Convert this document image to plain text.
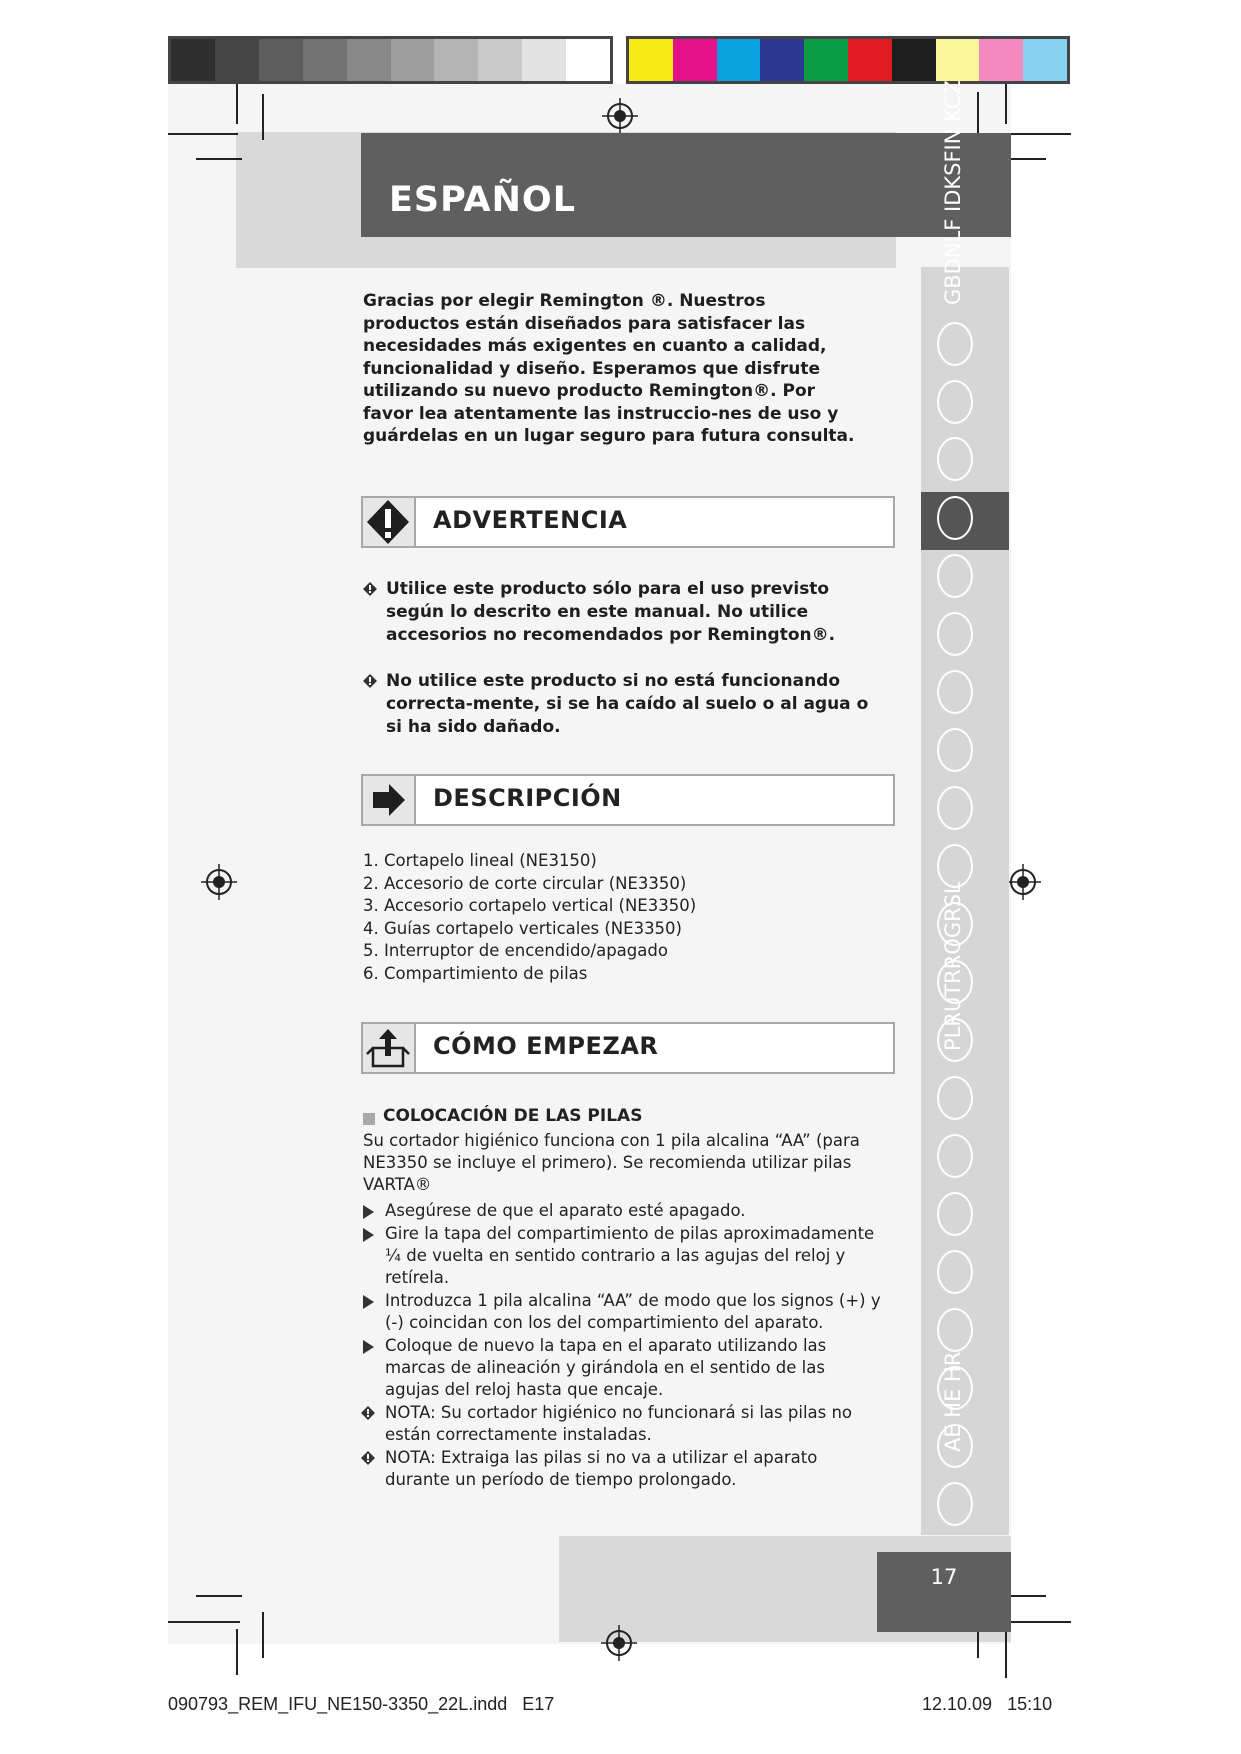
ESPAÑOL	GBDNLF IDKSFIN KCZ
PLRUTRROGRSL
AE HE HR
Gracias por elegir Remington ®. Nuestros productos están diseñados para satisfacer las necesidades más exigentes en cuanto a calidad, funcionalidad y diseño. Esperamos que disfrute utilizando su nuevo producto Remington®. Por favor lea atentamente las instruccio-nes de uso y guárdelas en un lugar seguro para futura consulta.
ADVERTENCIA
Utilice este producto sólo para el uso previsto según lo descrito en este manual. No utilice accesorios no recomendados por Remington®.
No utilice este producto si no está funcionando correcta-mente, si se ha caído al suelo o al agua o si ha sido dañado.
DESCRIPCIÓN
1. Cortapelo lineal (NE3150)
2. Accesorio de corte circular (NE3350)
3. Accesorio cortapelo vertical (NE3350)
4. Guías cortapelo verticales (NE3350)
5. Interruptor de encendido/apagado
6. Compartimiento de pilas
CÓMO EMPEZAR
COLOCACIÓN DE LAS PILAS
Su cortador higiénico funciona con 1 pila alcalina “AA” (para NE3350 se incluye el primero). Se recomienda utilizar pilas VARTA®
Asegúrese de que el aparato esté apagado.
Gire la tapa del compartimiento de pilas aproximadamente ¼ de vuelta en sentido contrario a las agujas del reloj y retírela.
Introduzca 1 pila alcalina “AA” de modo que los signos (+) y (-) coincidan con los del compartimiento del aparato.
Coloque de nuevo la tapa en el aparato utilizando las marcas de alineación y girándola en el sentido de las agujas del reloj hasta que encaje.
NOTA: Su cortador higiénico no funcionará si las pilas no están correctamente instaladas.
NOTA: Extraiga las pilas si no va a utilizar el aparato durante un período de tiempo prolongado.
17
090793_REM_IFU_NE150-3350_22L.indd   E17	12.10.09   15:10
